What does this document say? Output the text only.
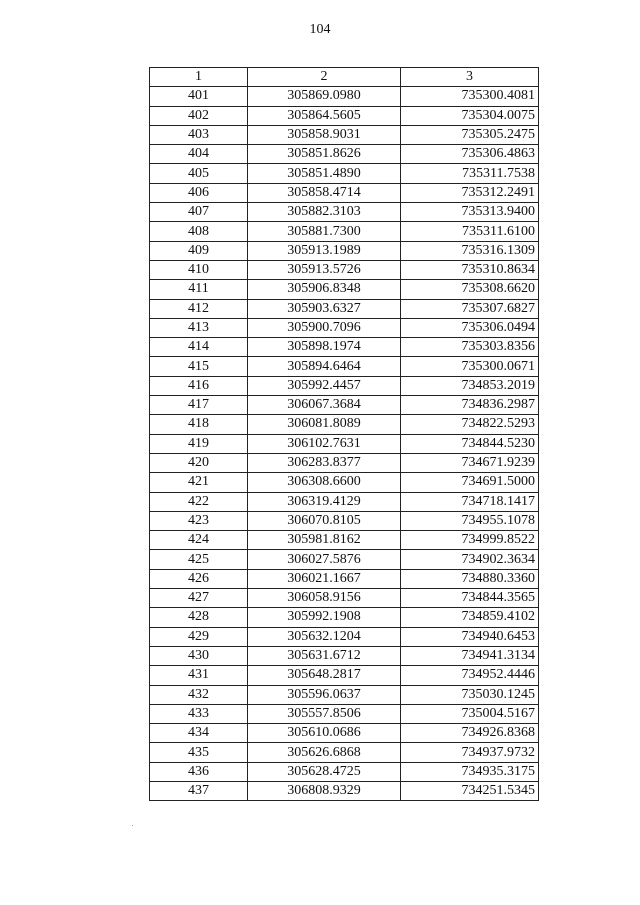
104
1	2	3
401	305869.0980	735300.4081
402	305864.5605	735304.0075
403	305858.9031	735305.2475
404	305851.8626	735306.4863
405	305851.4890	735311.7538
406	305858.4714	735312.2491
407	305882.3103	735313.9400
408	305881.7300	735311.6100
409	305913.1989	735316.1309
410	305913.5726	735310.8634
411	305906.8348	735308.6620
412	305903.6327	735307.6827
413	305900.7096	735306.0494
414	305898.1974	735303.8356
415	305894.6464	735300.0671
416	305992.4457	734853.2019
417	306067.3684	734836.2987
418	306081.8089	734822.5293
419	306102.7631	734844.5230
420	306283.8377	734671.9239
421	306308.6600	734691.5000
422	306319.4129	734718.1417
423	306070.8105	734955.1078
424	305981.8162	734999.8522
425	306027.5876	734902.3634
426	306021.1667	734880.3360
427	306058.9156	734844.3565
428	305992.1908	734859.4102
429	305632.1204	734940.6453
430	305631.6712	734941.3134
431	305648.2817	734952.4446
432	305596.0637	735030.1245
433	305557.8506	735004.5167
434	305610.0686	734926.8368
435	305626.6868	734937.9732
436	305628.4725	734935.3175
437	306808.9329	734251.5345
